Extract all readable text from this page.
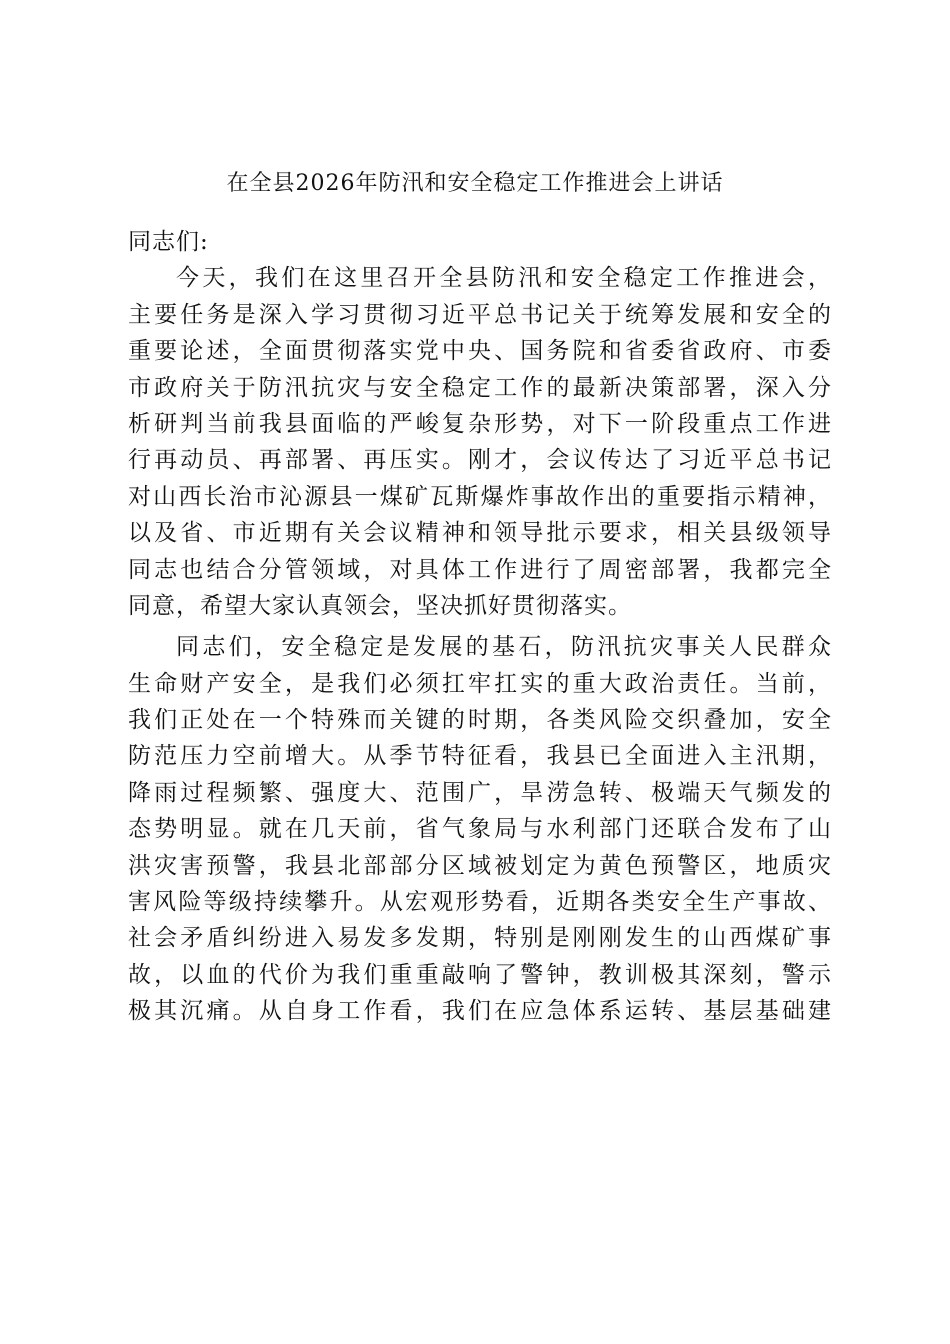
在全县2026年防汛和安全稳定工作推进会上讲话
同志们:
今天，我们在这里召开全县防汛和安全稳定工作推进会，
主要任务是深入学习贯彻习近平总书记关于统筹发展和安全的
重要论述，全面贯彻落实党中央、国务院和省委省政府、市委
市政府关于防汛抗灾与安全稳定工作的最新决策部署，深入分
析研判当前我县面临的严峻复杂形势，对下一阶段重点工作进
行再动员、再部署、再压实。刚才，会议传达了习近平总书记
对山西长治市沁源县一煤矿瓦斯爆炸事故作出的重要指示精神，
以及省、市近期有关会议精神和领导批示要求，相关县级领导
同志也结合分管领域，对具体工作进行了周密部署，我都完全
同意，希望大家认真领会，坚决抓好贯彻落实。
同志们，安全稳定是发展的基石，防汛抗灾事关人民群众
生命财产安全，是我们必须扛牢扛实的重大政治责任。当前，
我们正处在一个特殊而关键的时期，各类风险交织叠加，安全
防范压力空前增大。从季节特征看，我县已全面进入主汛期，
降雨过程频繁、强度大、范围广，旱涝急转、极端天气频发的
态势明显。就在几天前，省气象局与水利部门还联合发布了山
洪灾害预警，我县北部部分区域被划定为黄色预警区，地质灾
害风险等级持续攀升。从宏观形势看，近期各类安全生产事故、
社会矛盾纠纷进入易发多发期，特别是刚刚发生的山西煤矿事
故，以血的代价为我们重重敲响了警钟，教训极其深刻，警示
极其沉痛。从自身工作看，我们在应急体系运转、基层基础建
